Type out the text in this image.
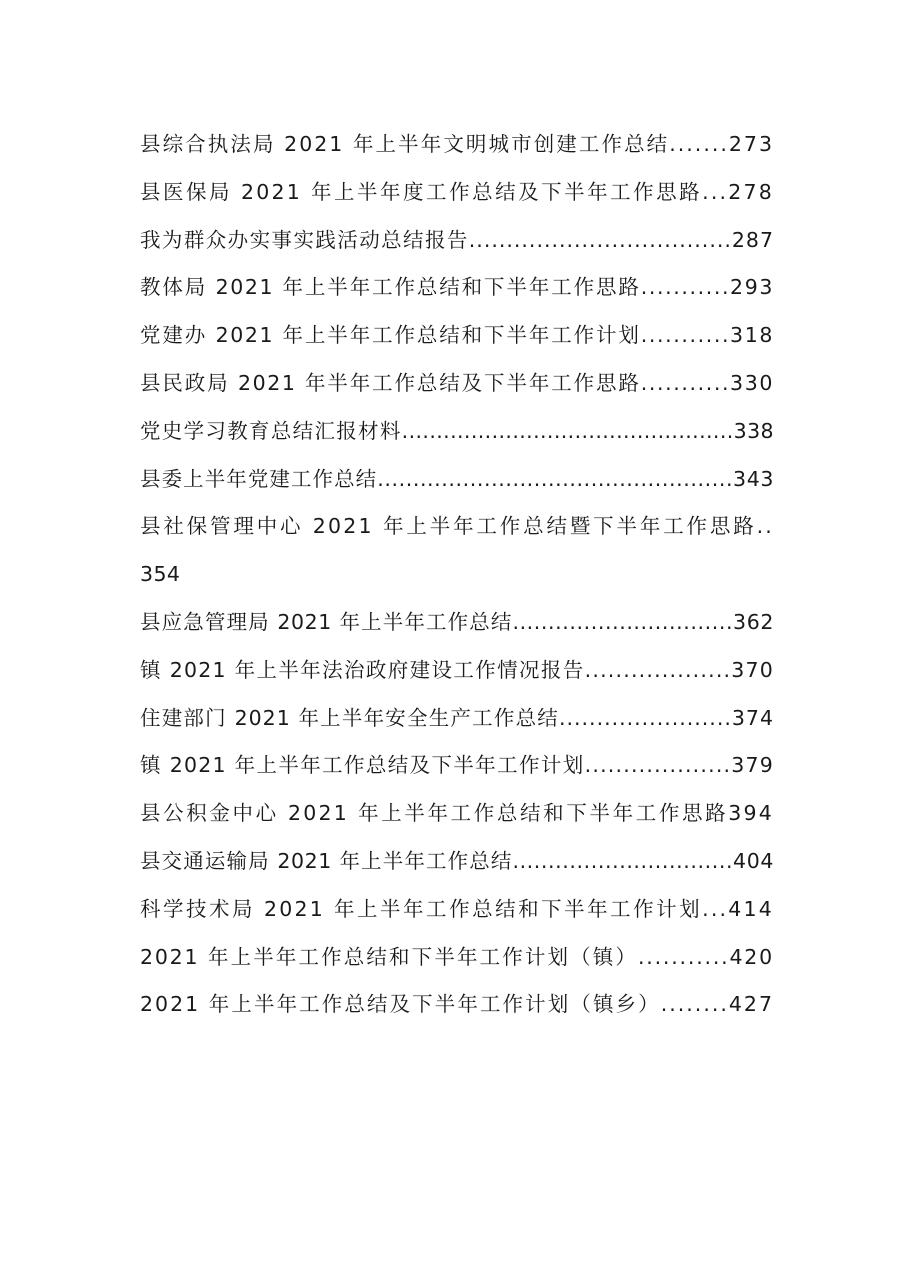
县综合执法局 2021 年上半年文明城市创建工作总结.......273
县医保局 2021 年上半年度工作总结及下半年工作思路...278
我为群众办实事实践活动总结报告...................................287
教体局 2021 年上半年工作总结和下半年工作思路...........293
党建办 2021 年上半年工作总结和下半年工作计划...........318
县民政局 2021 年半年工作总结及下半年工作思路...........330
党史学习教育总结汇报材料................................................338
县委上半年党建工作总结..................................................343
县社保管理中心 2021 年上半年工作总结暨下半年工作思路..
354
县应急管理局 2021 年上半年工作总结...............................362
镇 2021 年上半年法治政府建设工作情况报告...................370
住建部门 2021 年上半年安全生产工作总结.......................374
镇 2021 年上半年工作总结及下半年工作计划...................379
县公积金中心 2021 年上半年工作总结和下半年工作思路394
县交通运输局 2021 年上半年工作总结...............................404
科学技术局 2021 年上半年工作总结和下半年工作计划...414
2021 年上半年工作总结和下半年工作计划（镇）...........420
2021 年上半年工作总结及下半年工作计划（镇乡）........427
